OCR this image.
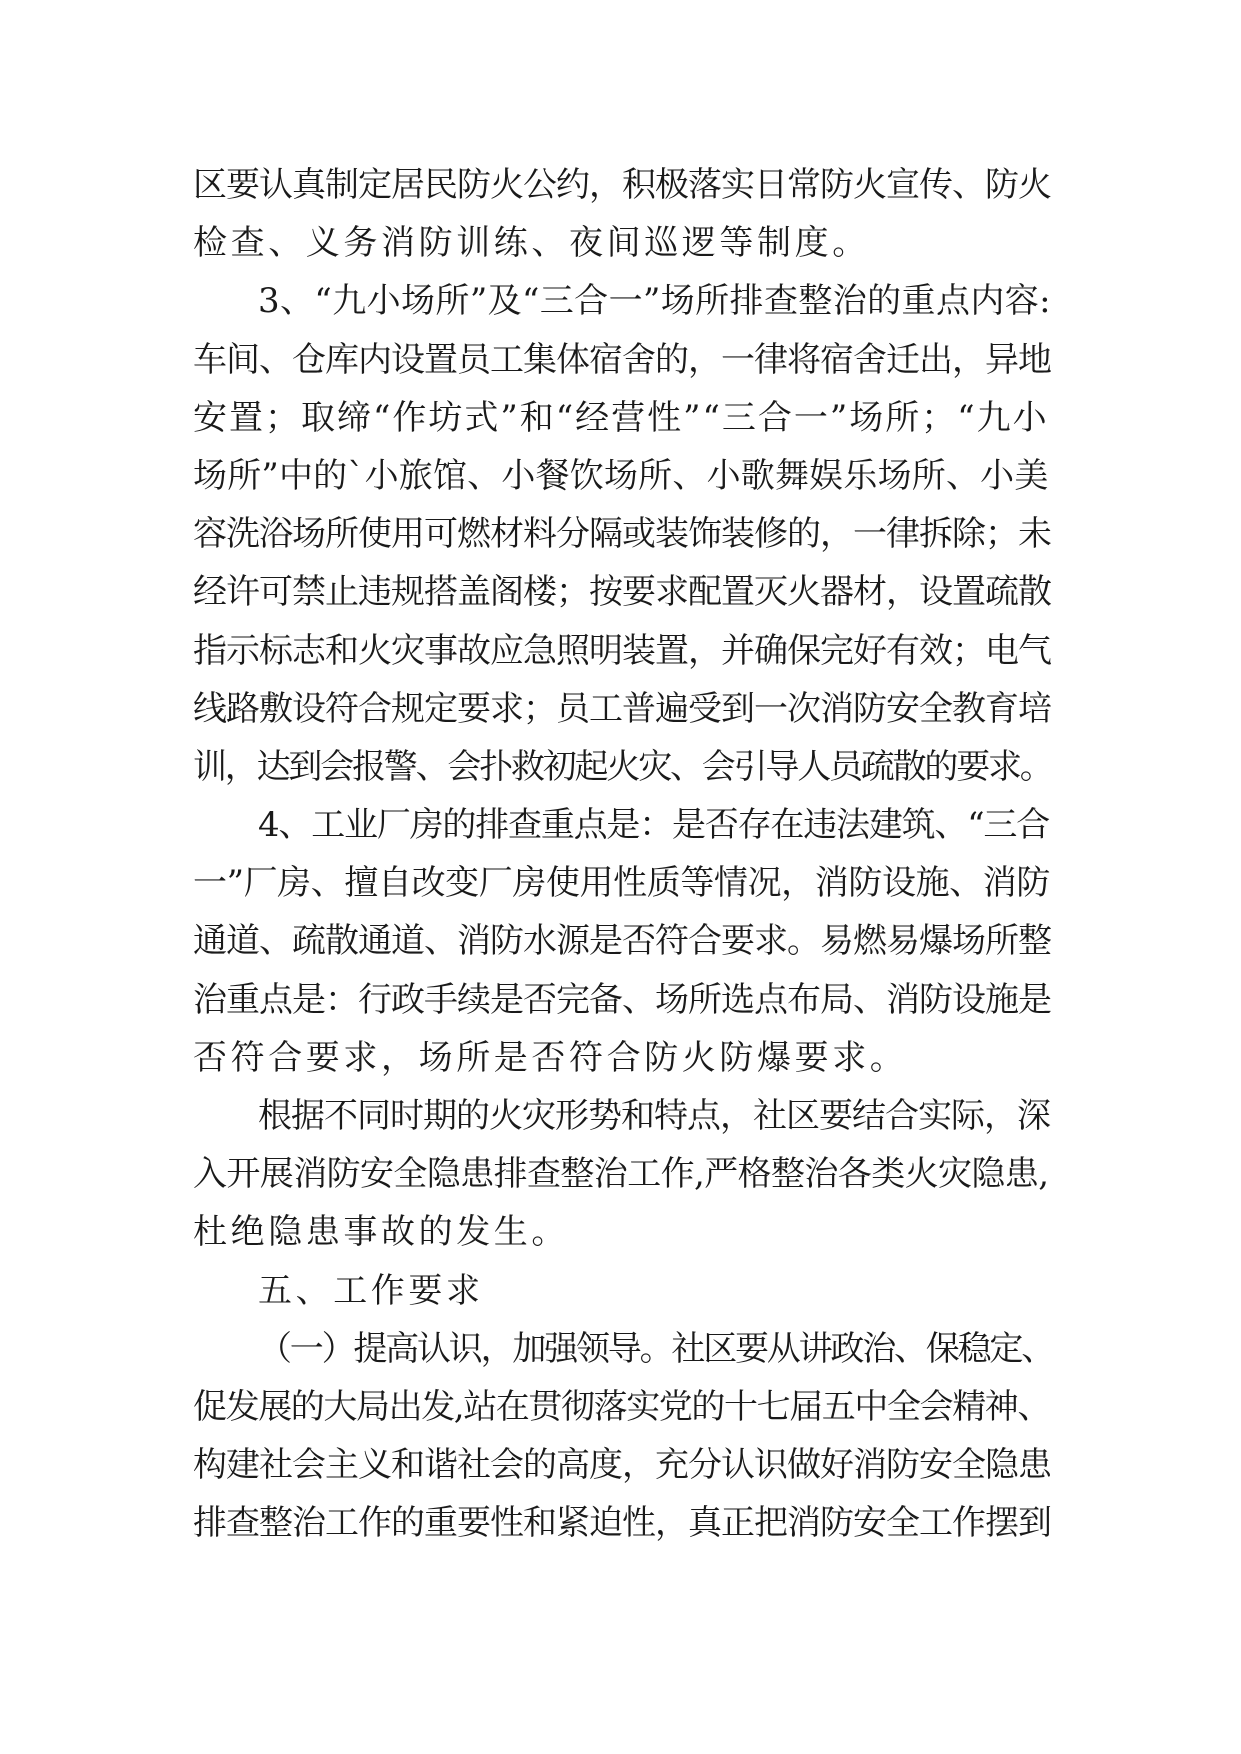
区要认真制定居民防火公约，积极落实日常防火宣传、防火
检查、义务消防训练、夜间巡逻等制度。
3、“九小场所”及“三合一”场所排查整治的重点内容:
车间、仓库内设置员工集体宿舍的，一律将宿舍迁出，异地
安置；取缔“作坊式”和“经营性”“三合一”场所；“九小
场所”中的`小旅馆、小餐饮场所、小歌舞娱乐场所、小美
容洗浴场所使用可燃材料分隔或装饰装修的，一律拆除；未
经许可禁止违规搭盖阁楼；按要求配置灭火器材，设置疏散
指示标志和火灾事故应急照明装置，并确保完好有效；电气
线路敷设符合规定要求；员工普遍受到一次消防安全教育培
训，达到会报警、会扑救初起火灾、会引导人员疏散的要求。
4、工业厂房的排查重点是：是否存在违法建筑、“三合
一”厂房、擅自改变厂房使用性质等情况，消防设施、消防
通道、疏散通道、消防水源是否符合要求。易燃易爆场所整
治重点是：行政手续是否完备、场所选点布局、消防设施是
否符合要求，场所是否符合防火防爆要求。
根据不同时期的火灾形势和特点，社区要结合实际，深
入开展消防安全隐患排查整治工作,严格整治各类火灾隐患,
杜绝隐患事故的发生。
五、工作要求
（一）提高认识，加强领导。社区要从讲政治、保稳定、
促发展的大局出发,站在贯彻落实党的十七届五中全会精神、
构建社会主义和谐社会的高度，充分认识做好消防安全隐患
排查整治工作的重要性和紧迫性，真正把消防安全工作摆到
